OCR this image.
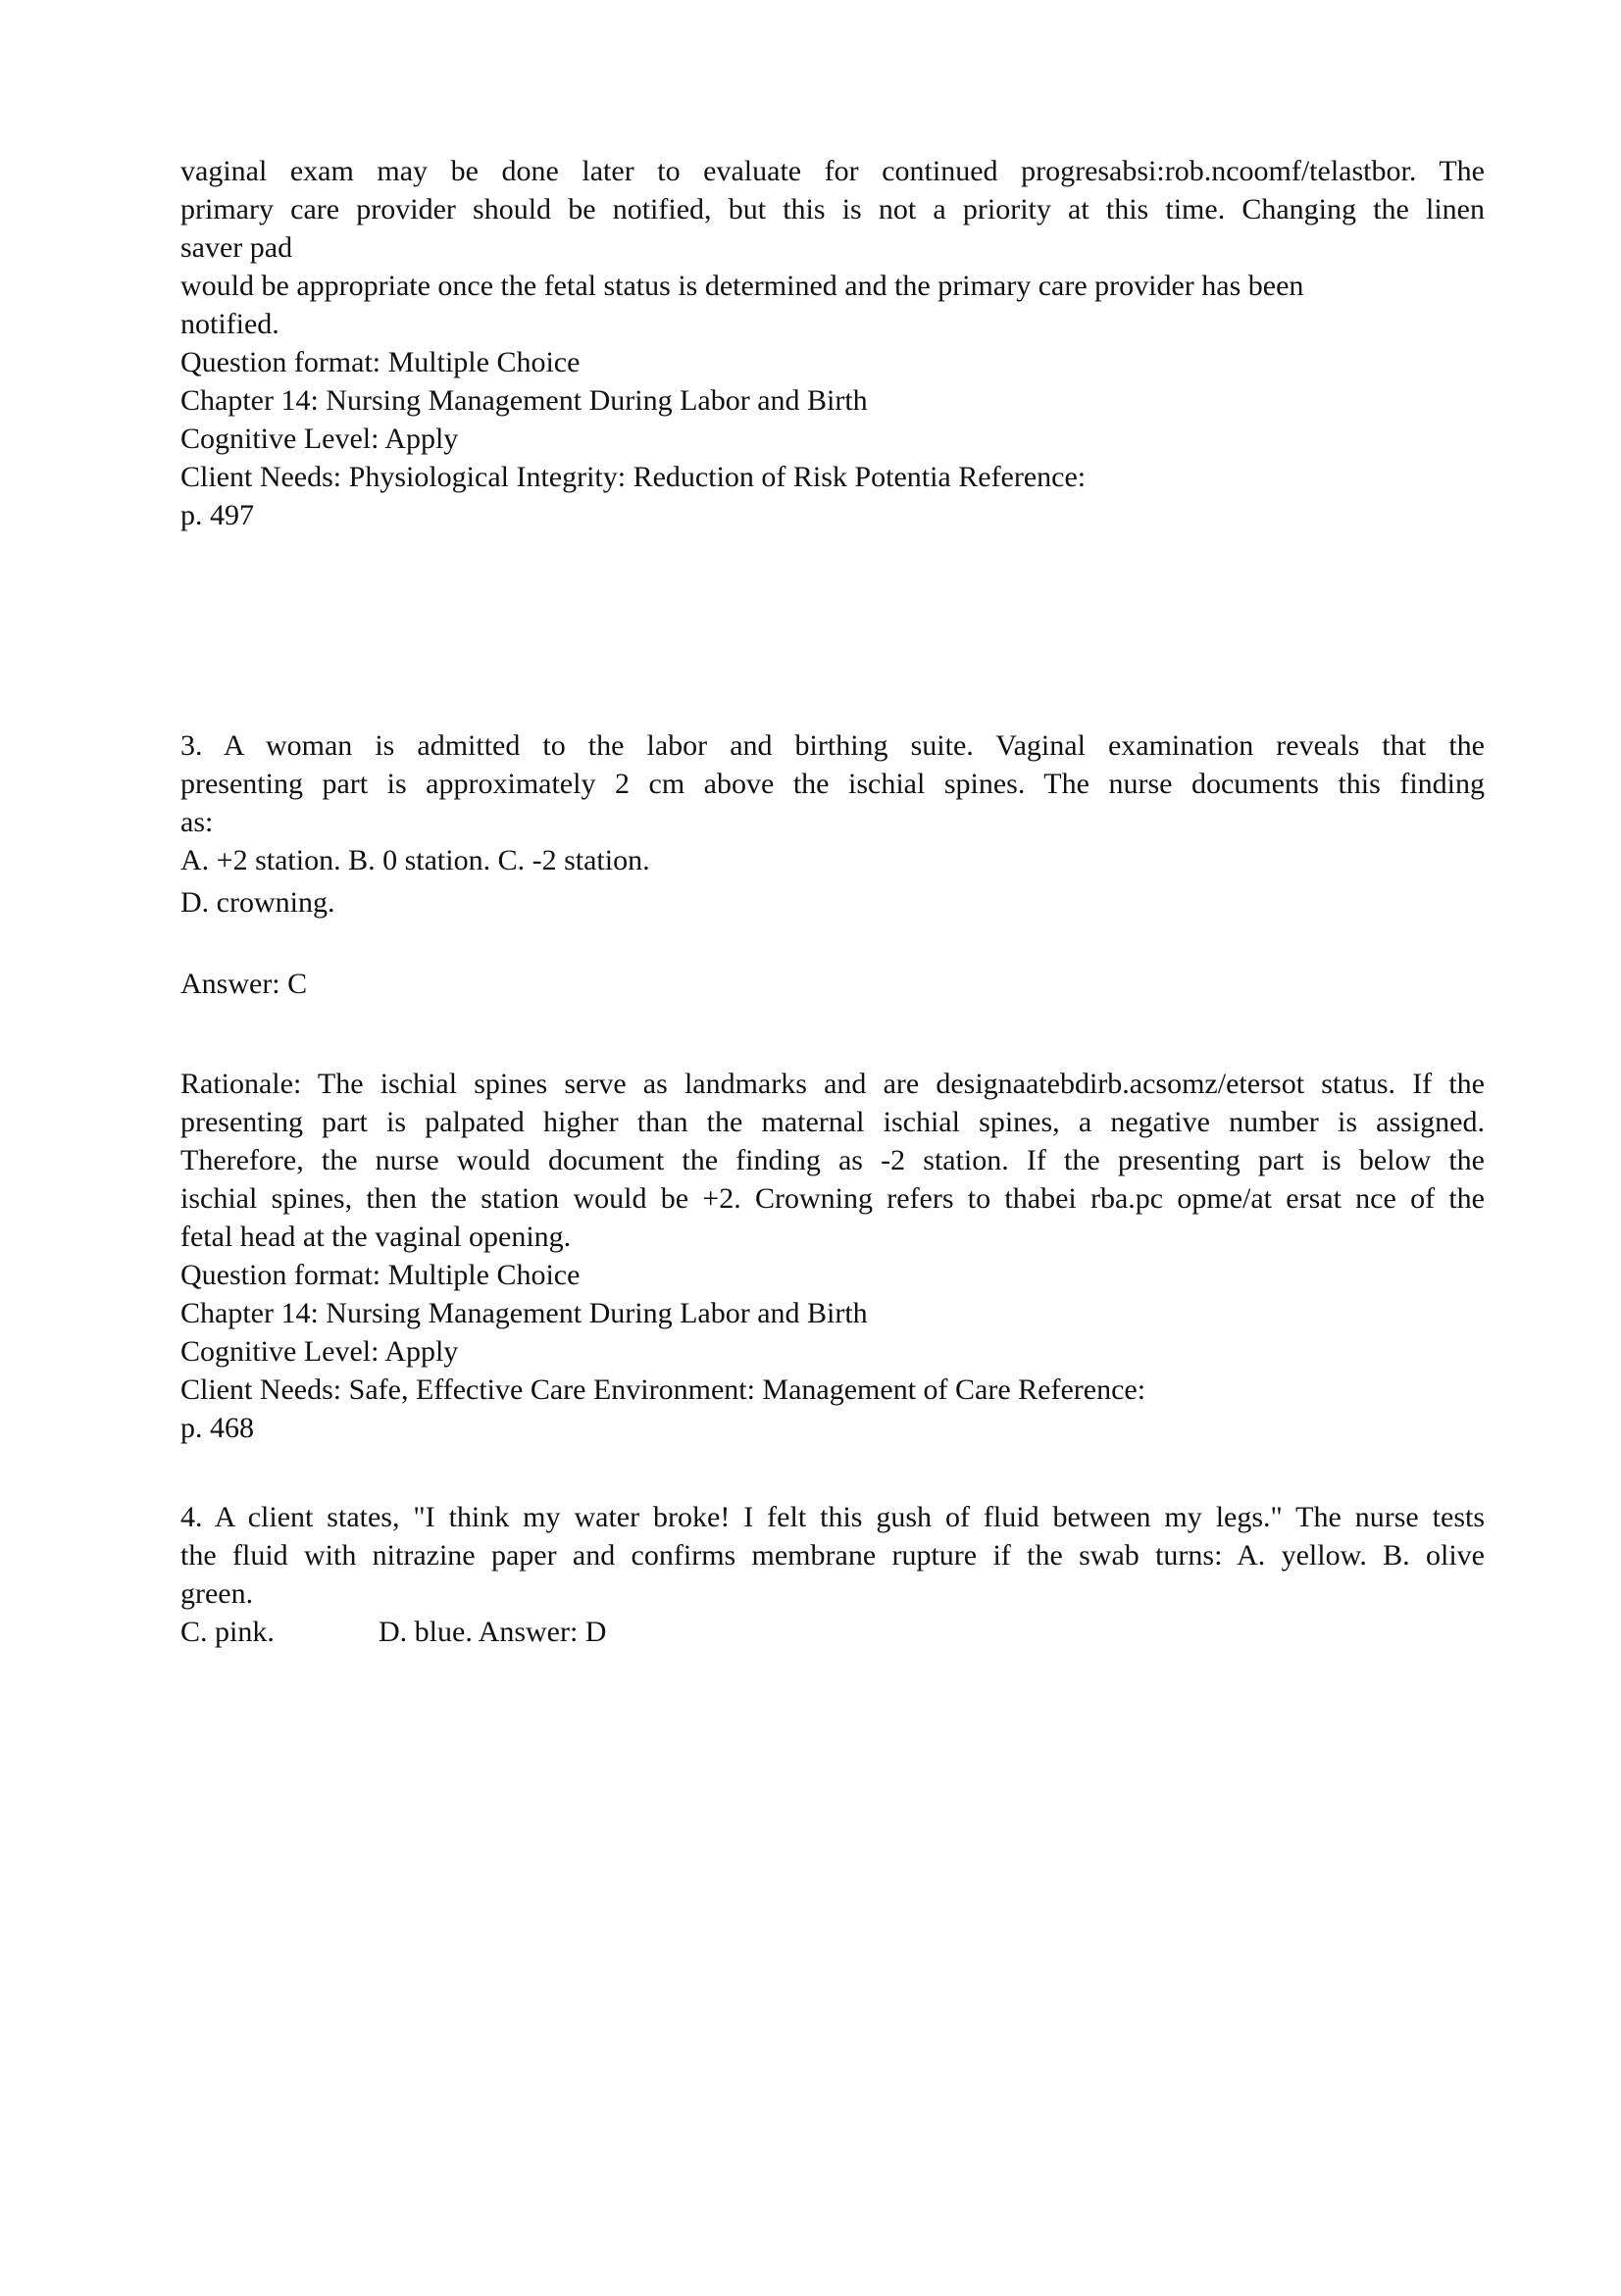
vaginal exam may be done later to evaluate for continued progresabsi:rob.ncoomf/telastbor. The
primary care provider should be notified, but this is not a priority at this time. Changing the linen
saver pad
would be appropriate once the fetal status is determined and the primary care provider has been
notified.
Question format: Multiple Choice
Chapter 14: Nursing Management During Labor and Birth
Cognitive Level: Apply
Client Needs: Physiological Integrity: Reduction of Risk Potentia Reference:
p. 497
3. A woman is admitted to the labor and birthing suite. Vaginal examination reveals that the
presenting part is approximately 2 cm above the ischial spines. The nurse documents this finding
as:
A. +2 station. B. 0 station. C. -2 station.
D. crowning.
Answer: C
Rationale: The ischial spines serve as landmarks and are designaatebdirb.acsomz/etersot status. If the
presenting part is palpated higher than the maternal ischial spines, a negative number is assigned.
Therefore, the nurse would document the finding as -2 station. If the presenting part is below the
ischial spines, then the station would be +2. Crowning refers to thabei rba.pc opme/at ersat nce of the
fetal head at the vaginal opening.
Question format: Multiple Choice
Chapter 14: Nursing Management During Labor and Birth
Cognitive Level: Apply
Client Needs: Safe, Effective Care Environment: Management of Care Reference:
p. 468
4. A client states, "I think my water broke! I felt this gush of fluid between my legs." The nurse tests
the fluid with nitrazine paper and confirms membrane rupture if the swab turns: A. yellow. B. olive
green.
C. pink.	D. blue. Answer: D
